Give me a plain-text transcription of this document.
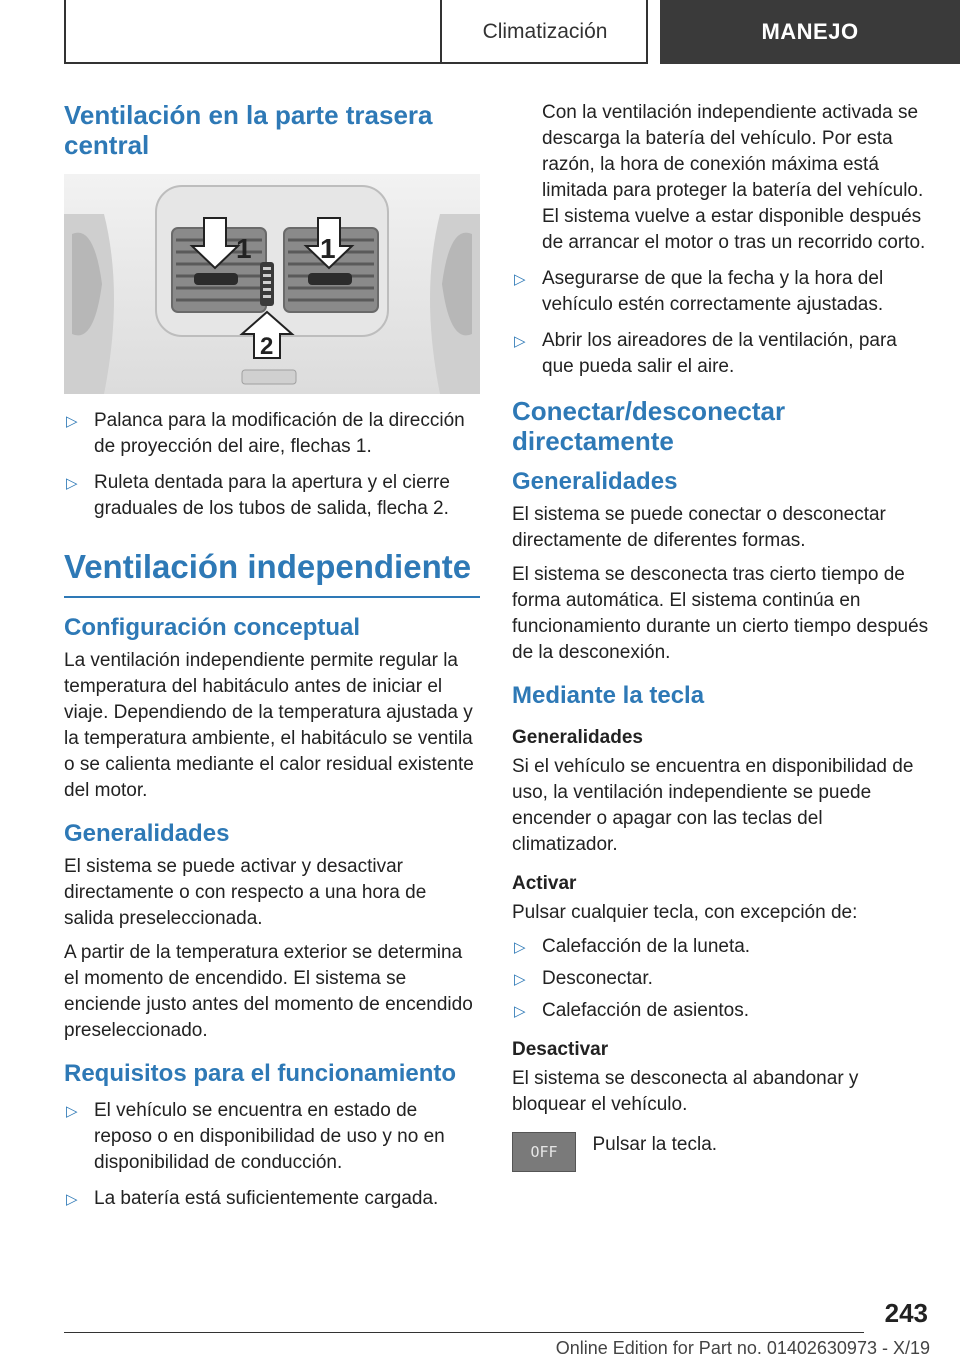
Climatización	MANEJO
Ventilación en la parte trasera central
1 1
2
▷ Palanca para la modificación de la dirección de proyección del aire, flechas 1.
▷ Ruleta dentada para la apertura y el cierre graduales de los tubos de salida, flecha 2.
Ventilación independiente
Configuración conceptual

La ventilación independiente permite regular la temperatura del habitáculo antes de iniciar el viaje. Dependiendo de la temperatura ajustada y la temperatura ambiente, el habitáculo se ventila o se calienta mediante el calor residual existente del motor.

Generalidades

El sistema se puede activar y desactivar directamente o con respecto a una hora de salida preseleccionada.

A partir de la temperatura exterior se determina el momento de encendido. El sistema se enciende justo antes del momento de encendido preseleccionado.

Requisitos para el funcionamiento
▷ El vehículo se encuentra en estado de reposo o en disponibilidad de uso y no en disponibilidad de conducción.
▷ La batería está suficientemente cargada.

Con la ventilación independiente activada se descarga la batería del vehículo. Por esta razón, la hora de conexión máxima está limitada para proteger la batería del vehículo. El sistema vuelve a estar disponible después de arrancar el motor o tras un recorrido corto.

▷ Asegurarse de que la fecha y la hora del vehículo estén correctamente ajustadas.
▷ Abrir los aireadores de la ventilación, para que pueda salir el aire.
Conectar/desconectar directamente
Generalidades

El sistema se puede conectar o desconectar directamente de diferentes formas.

El sistema se desconecta tras cierto tiempo de forma automática. El sistema continúa en funcionamiento durante un cierto tiempo después de la desconexión.

Mediante la tecla
Generalidades

Si el vehículo se encuentra en disponibilidad de uso, la ventilación independiente se puede encender o apagar con las teclas del climatizador.

Activar

Pulsar cualquier tecla, con excepción de:

▷ Calefacción de la luneta.
▷ Desconectar.
▷ Calefacción de asientos.
Desactivar

El sistema se desconecta al abandonar y bloquear el vehículo.

OFF Pulsar la tecla.
243
Online Edition for Part no. 01402630973 - X/19
